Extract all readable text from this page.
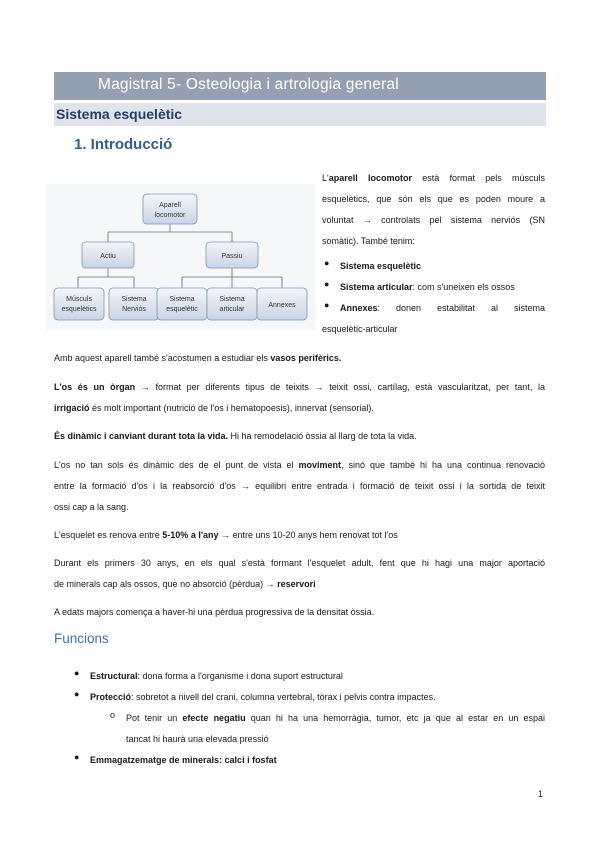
Magistral 5- Osteologia i artrologia general
Sistema esquelètic
1. Introducció
Aparell
locomotor
Actiu	Passiu
Músculs
esquelètics
Sistema
Nerviós
Sistema
esquelètic
Sistema
articular
Annexes
L'aparell locomotor està format pels músculs
esquelètics, que són els que es poden moure a
voluntat → controlats pel sistema nerviós (SN
somàtic). També tenim:
● Sistema esquelètic
● Sistema articular: com s'uneixen els ossos
● Annexes: donen estabilitat al sistema
esquelètic-articular
Amb aquest aparell també s'acostumen a estudiar els vasos perifèrics.
L'os és un òrgan → format per diferents tipus de teixits → teixit ossi, cartílag, està vascularitzat, per tant, la
irrigació és molt important (nutrició de l'os i hematopoesis), innervat (sensorial).
És dinàmic i canviant durant tota la vida. Hi ha remodelació òssia al llarg de tota la vida.
L'os no tan sols és dinàmic des de el punt de vista el moviment, sinó que també hi ha una continua renovació
entre la formació d'os i la reabsorció d'os → equilibri entre entrada i formació de teixit ossi i la sortida de teixit
ossi cap a la sang.
L'esquelet es renova entre 5-10% a l'any → entre uns 10-20 anys hem renovat tot l'os
Durant els primers 30 anys, en els qual s'està formant l'esquelet adult, fent que hi hagi una major aportació
de minerals cap als ossos, que no absorció (pèrdua) → reservori
A edats majors comença a haver-hi una pèrdua progressiva de la densitat òssia.
Funcions
Estructural: dona forma a l'organisme i dona suport estructural
● Protecció: sobretot a nivell del crani, columna vertebral, tòrax i pelvis contra impactes.
o Pot tenir un efecte negatiu quan hi ha una hemorràgia, tumor, etc ja que al estar en un espai
tancat hi haurà una elevada pressió
● Emmagatzematge de minerals: calci i fosfat
1
●
